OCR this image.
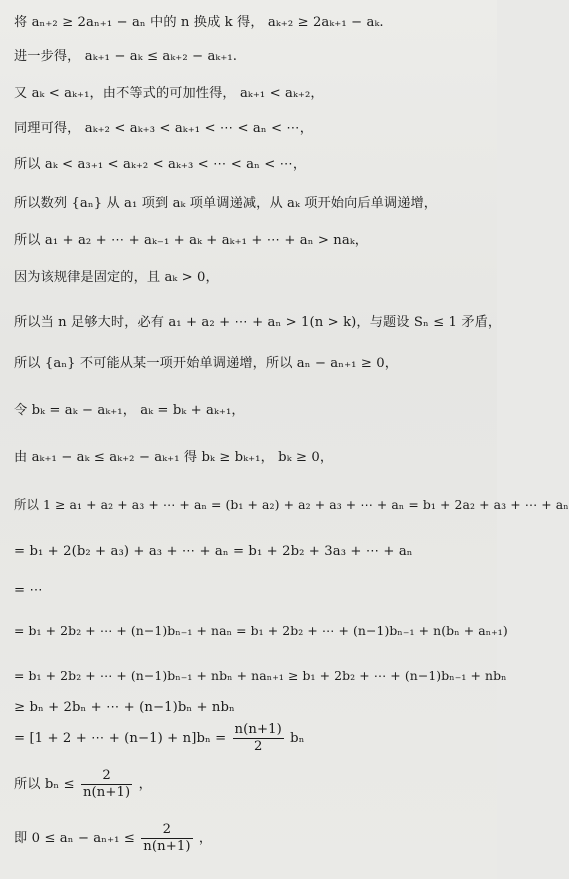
将 aₙ₊₂ ≥ 2aₙ₊₁ − aₙ 中的 n 换成 k 得， aₖ₊₂ ≥ 2aₖ₊₁ − aₖ.
进一步得， aₖ₊₁ − aₖ ≤ aₖ₊₂ − aₖ₊₁.
又 aₖ < aₖ₊₁，由不等式的可加性得， aₖ₊₁ < aₖ₊₂，
同理可得， aₖ₊₂ < aₖ₊₃ < aₖ₊₁ < ⋯ < aₙ < ⋯，
所以 aₖ < a₃₊₁ < aₖ₊₂ < aₖ₊₃ < ⋯ < aₙ < ⋯，
所以数列 {aₙ} 从 a₁ 项到 aₖ 项单调递减，从 aₖ 项开始向后单调递增，
所以 a₁ + a₂ + ⋯ + aₖ₋₁ + aₖ + aₖ₊₁ + ⋯ + aₙ > naₖ，
因为该规律是固定的，且 aₖ > 0，
所以当 n 足够大时，必有 a₁ + a₂ + ⋯ + aₙ > 1(n > k)，与题设 Sₙ ≤ 1 矛盾，
所以 {aₙ} 不可能从某一项开始单调递增，所以 aₙ − aₙ₊₁ ≥ 0，
令 bₖ = aₖ − aₖ₊₁， aₖ = bₖ + aₖ₊₁，
由 aₖ₊₁ − aₖ ≤ aₖ₊₂ − aₖ₊₁ 得 bₖ ≥ bₖ₊₁， bₖ ≥ 0，
所以 1 ≥ a₁ + a₂ + a₃ + ⋯ + aₙ = (b₁ + a₂) + a₂ + a₃ + ⋯ + aₙ = b₁ + 2a₂ + a₃ + ⋯ + aₙ
= b₁ + 2(b₂ + a₃) + a₃ + ⋯ + aₙ = b₁ + 2b₂ + 3a₃ + ⋯ + aₙ
= ⋯
= b₁ + 2b₂ + ⋯ + (n−1)bₙ₋₁ + naₙ = b₁ + 2b₂ + ⋯ + (n−1)bₙ₋₁ + n(bₙ + aₙ₊₁)
= b₁ + 2b₂ + ⋯ + (n−1)bₙ₋₁ + nbₙ + naₙ₊₁ ≥ b₁ + 2b₂ + ⋯ + (n−1)bₙ₋₁ + nbₙ
≥ bₙ + 2bₙ + ⋯ + (n−1)bₙ + nbₙ
= [1 + 2 + ⋯ + $(n-1) + n]b_n = \frac{n(n+1)}{2}$ bₙ
所以 $b_n \le \frac{2}{n(n+1)}$ ，
即 $0 \le a_n - a_{n+1} \le \frac{2}{n(n+1)}$ ，
